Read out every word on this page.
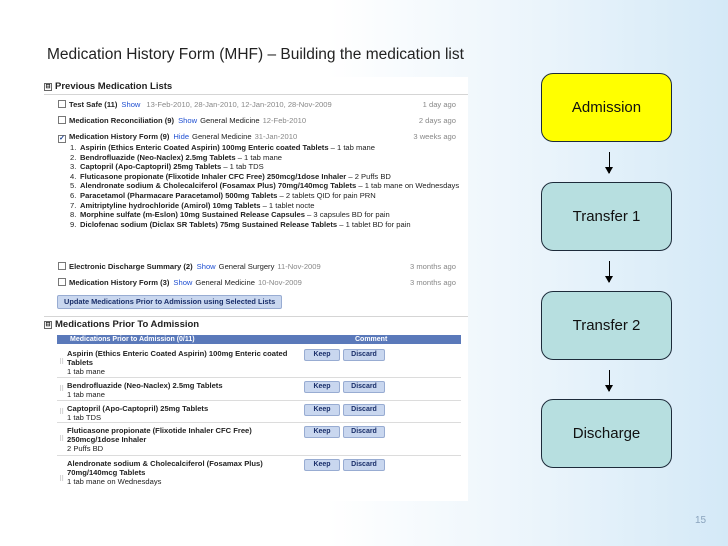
Medication History Form (MHF) – Building the medication list
⊟ Previous Medication Lists
Test Safe (11) Show 13-Feb-2010, 28-Jan-2010, 12-Jan-2010, 28-Nov-2009	1 day ago
Medication Reconciliation (9) Show General Medicine 12-Feb-2010	2 days ago
✓ Medication History Form (9) Hide General Medicine 31-Jan-2010	3 weeks ago
1. Aspirin (Ethics Enteric Coated Aspirin) 100mg Enteric coated Tablets – 1 tab mane
2. Bendrofluazide (Neo-Naclex) 2.5mg Tablets – 1 tab mane
3. Captopril (Apo-Captopril) 25mg Tablets – 1 tab TDS
4. Fluticasone propionate (Flixotide Inhaler CFC Free) 250mcg/1dose Inhaler – 2 Puffs BD
5. Alendronate sodium & Cholecalciferol (Fosamax Plus) 70mg/140mcg Tablets – 1 tab mane on Wednesdays
6. Paracetamol (Pharmacare Paracetamol) 500mg Tablets – 2 tablets QID for pain PRN
7. Amitriptyline hydrochloride (Amirol) 10mg Tablets – 1 tablet nocte
8. Morphine sulfate (m-Eslon) 10mg Sustained Release Capsules – 3 capsules BD for pain
9. Diclofenac sodium (Diclax SR Tablets) 75mg Sustained Release Tablets – 1 tablet BD for pain
Electronic Discharge Summary (2) Show General Surgery 11-Nov-2009	3 months ago
Medication History Form (3) Show General Medicine 10-Nov-2009	3 months ago
Update Medications Prior to Admission using Selected Lists
⊟ Medications Prior To Admission
Medications Prior to Admission (0/11)	Comment
⠿
Aspirin (Ethics Enteric Coated Aspirin) 100mg Enteric coated Tablets
1 tab mane
Keep	Discard
⠿ Bendrofluazide (Neo-Naclex) 2.5mg Tablets
1 tab mane
Keep	Discard
⠿ Captopril (Apo-Captopril) 25mg Tablets
1 tab TDS
Keep	Discard
⠿
Fluticasone propionate (Flixotide Inhaler CFC Free) 250mcg/1dose Inhaler
2 Puffs BD
Keep	Discard
⠿
Alendronate sodium & Cholecalciferol (Fosamax Plus) 70mg/140mcg Tablets
1 tab mane on Wednesdays
Keep	Discard
Admission
Transfer 1
Transfer 2
Discharge
15
